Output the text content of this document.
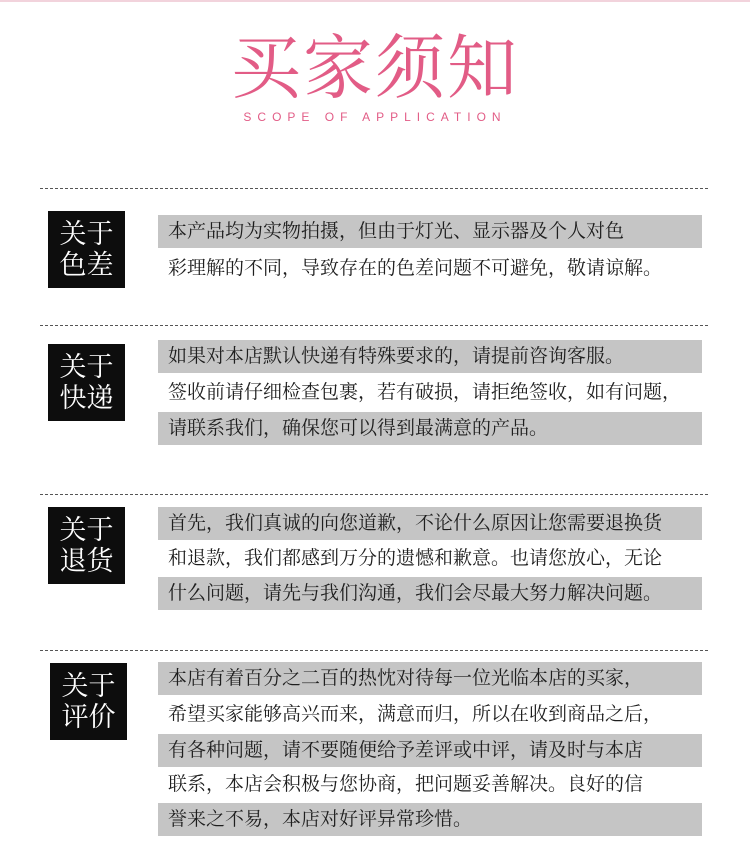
买家须知
SCOPE OF APPLICATION
关于
色差
本产品均为实物拍摄，但由于灯光、显示器及个人对色
彩理解的不同，导致存在的色差问题不可避免，敬请谅解。
关于
快递
如果对本店默认快递有特殊要求的，请提前咨询客服。
签收前请仔细检查包裹，若有破损，请拒绝签收，如有问题，
请联系我们，确保您可以得到最满意的产品。
关于
退货
首先，我们真诚的向您道歉，不论什么原因让您需要退换货
和退款，我们都感到万分的遗憾和歉意。也请您放心，无论
什么问题，请先与我们沟通，我们会尽最大努力解决问题。
关于
评价
本店有着百分之二百的热忱对待每一位光临本店的买家，
希望买家能够高兴而来，满意而归，所以在收到商品之后，
有各种问题，请不要随便给予差评或中评，请及时与本店
联系，本店会积极与您协商，把问题妥善解决。良好的信
誉来之不易，本店对好评异常珍惜。
